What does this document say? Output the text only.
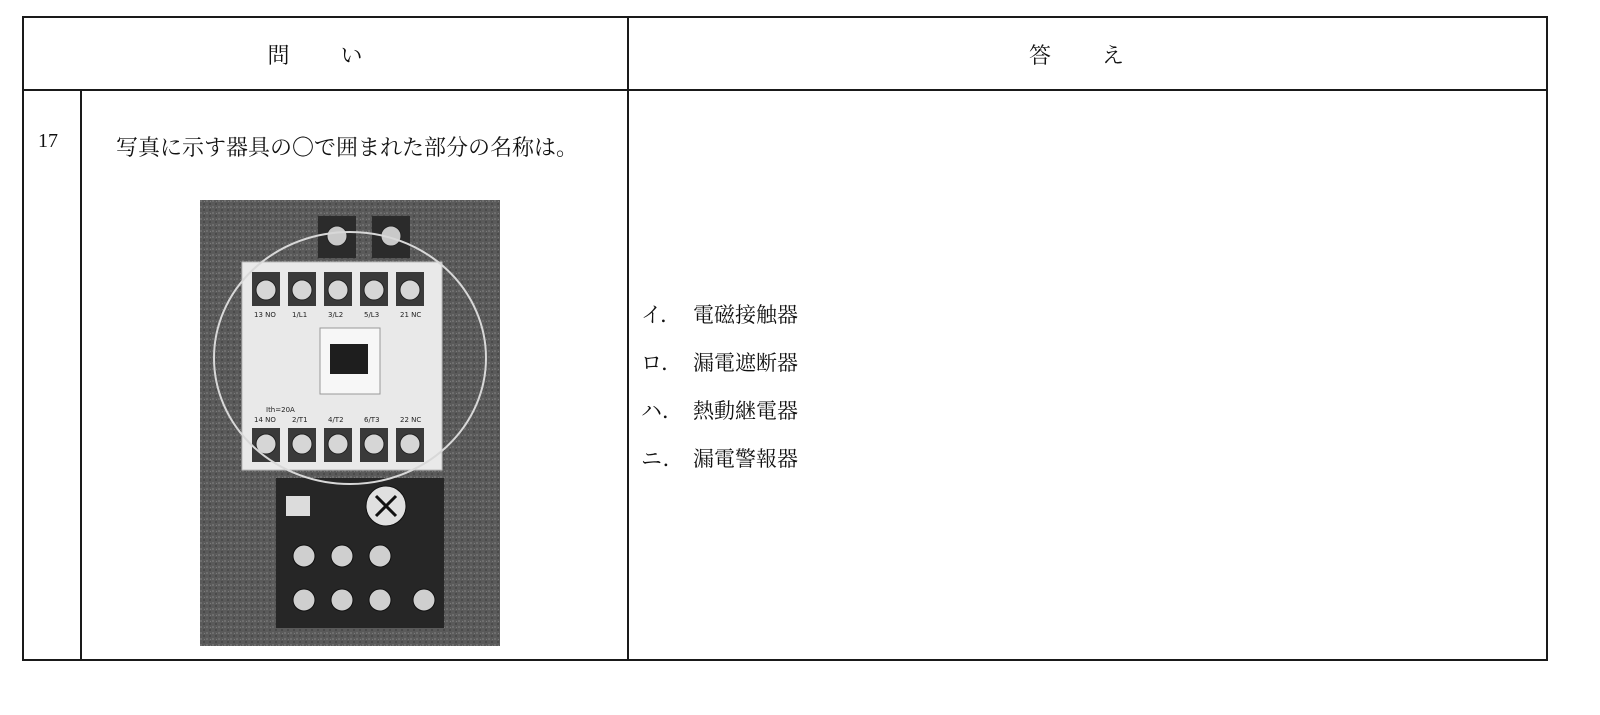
問 い	答 え
17	写真に示す器具の〇で囲まれた部分の名称は。
13 NO 1/L1	3/L2	5/L3	21 NC
Ith=20A
14 NO 2/T1	4/T2	6/T3	22 NC
イ． 電磁接触器
ロ． 漏電遮断器
ハ． 熱動継電器
ニ． 漏電警報器
